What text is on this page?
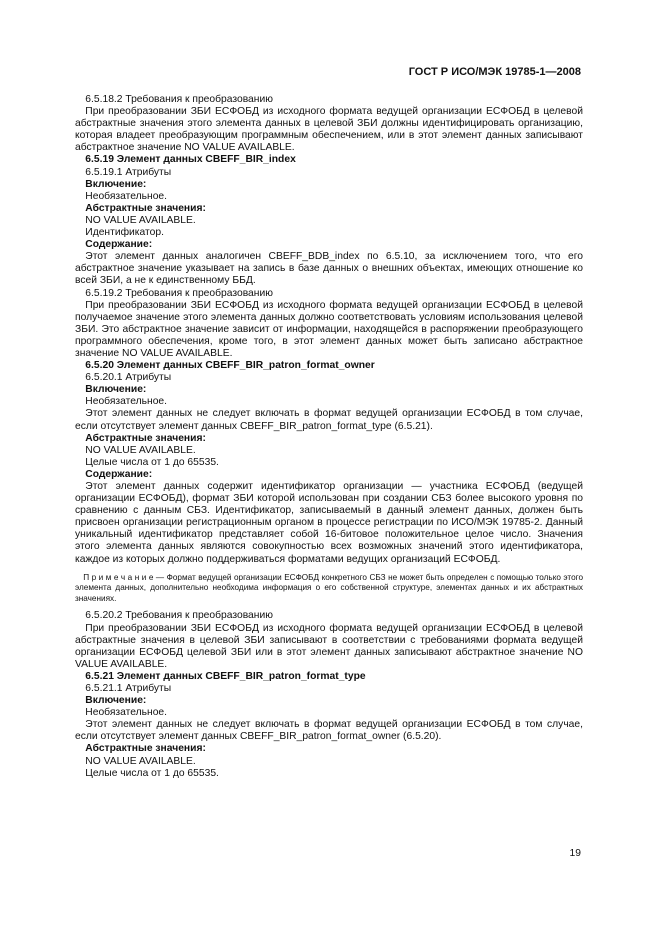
ГОСТ Р ИСО/МЭК 19785-1—2008
6.5.18.2 Требования к преобразованию
При преобразовании ЗБИ ЕСФОБД из исходного формата ведущей организации ЕСФОБД в целевой абстрактные значения этого элемента данных в целевой ЗБИ должны идентифицировать организацию, которая владеет преобразующим программным обеспечением, или в этот элемент данных записывают абстрактное значение NO VALUE AVAILABLE.
6.5.19 Элемент данных CBEFF_BIR_index
6.5.19.1 Атрибуты
Включение:
Необязательное.
Абстрактные значения:
NO VALUE AVAILABLE.
Идентификатор.
Содержание:
Этот элемент данных аналогичен CBEFF_BDB_index по 6.5.10, за исключением того, что его абстрактное значение указывает на запись в базе данных о внешних объектах, имеющих отношение ко всей ЗБИ, а не к единственному ББД.
6.5.19.2 Требования к преобразованию
При преобразовании ЗБИ ЕСФОБД из исходного формата ведущей организации ЕСФОБД в целевой получаемое значение этого элемента данных должно соответствовать условиям использования целевой ЗБИ. Это абстрактное значение зависит от информации, находящейся в распоряжении преобразующего программного обеспечения, кроме того, в этот элемент данных может быть записано абстрактное значение NO VALUE AVAILABLE.
6.5.20 Элемент данных CBEFF_BIR_patron_format_owner
6.5.20.1 Атрибуты
Включение:
Необязательное.
Этот элемент данных не следует включать в формат ведущей организации ЕСФОБД в том случае, если отсутствует элемент данных CBEFF_BIR_patron_format_type (6.5.21).
Абстрактные значения:
NO VALUE AVAILABLE.
Целые числа от 1 до 65535.
Содержание:
Этот элемент данных содержит идентификатор организации — участника ЕСФОБД (ведущей организации ЕСФОБД), формат ЗБИ которой использован при создании СБЗ более высокого уровня по сравнению с данным СБЗ. Идентификатор, записываемый в данный элемент данных, должен быть присвоен организации регистрационным органом в процессе регистрации по ИСО/МЭК 19785-2. Данный уникальный идентификатор представляет собой 16-битовое положительное целое число. Значения этого элемента данных являются совокупностью всех возможных значений этого идентификатора, каждое из которых должно поддерживаться форматами ведущих организаций ЕСФОБД.
П р и м е ч а н и е — Формат ведущей организации ЕСФОБД конкретного СБЗ не может быть определен с помощью только этого элемента данных, дополнительно необходима информация о его собственной структуре, элементах данных и их абстрактных значениях.
6.5.20.2 Требования к преобразованию
При преобразовании ЗБИ ЕСФОБД из исходного формата ведущей организации ЕСФОБД в целевой абстрактные значения в целевой ЗБИ записывают в соответствии с требованиями формата ведущей организации ЕСФОБД целевой ЗБИ или в этот элемент данных записывают абстрактное значение NO VALUE AVAILABLE.
6.5.21 Элемент данных CBEFF_BIR_patron_format_type
6.5.21.1 Атрибуты
Включение:
Необязательное.
Этот элемент данных не следует включать в формат ведущей организации ЕСФОБД в том случае, если отсутствует элемент данных CBEFF_BIR_patron_format_owner (6.5.20).
Абстрактные значения:
NO VALUE AVAILABLE.
Целые числа от 1 до 65535.
19
